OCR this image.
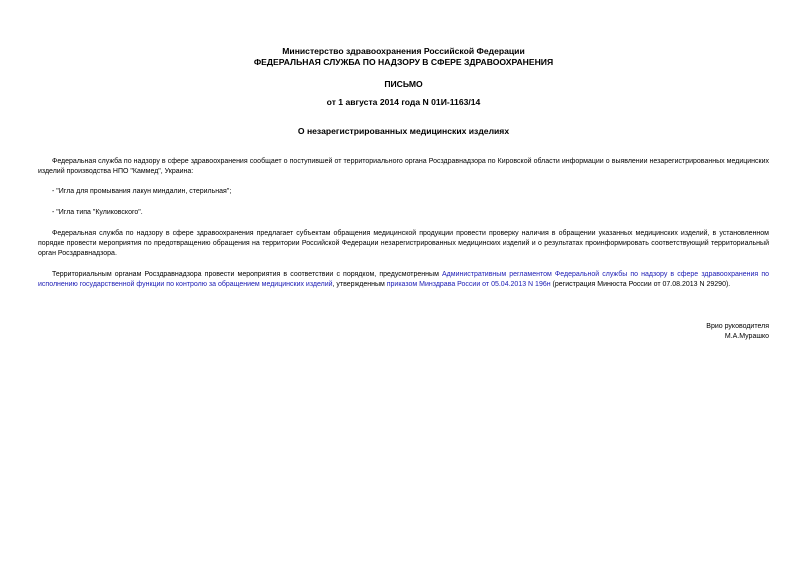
Министерство здравоохранения Российской Федерации
ФЕДЕРАЛЬНАЯ СЛУЖБА ПО НАДЗОРУ В СФЕРЕ ЗДРАВООХРАНЕНИЯ
ПИСЬМО
от 1 августа 2014 года N 01И-1163/14
О незарегистрированных медицинских изделиях
Федеральная служба по надзору в сфере здравоохранения сообщает о поступившей от территориального органа Росздравнадзора по Кировской области информации о выявлении незарегистрированных медицинских изделий производства НПО "Каммед", Украина:
- "Игла для промывания лакун миндалин, стерильная";
- "Игла типа "Куликовского".
Федеральная служба по надзору в сфере здравоохранения предлагает субъектам обращения медицинской продукции провести проверку наличия в обращении указанных медицинских изделий, в установленном порядке провести мероприятия по предотвращению обращения на территории Российской Федерации незарегистрированных медицинских изделий и о результатах проинформировать соответствующий территориальный орган Росздравнадзора.
Территориальным органам Росздравнадзора провести мероприятия в соответствии с порядком, предусмотренным Административным регламентом Федеральной службы по надзору в сфере здравоохранения по исполнению государственной функции по контролю за обращением медицинских изделий, утвержденным приказом Минздрава России от 05.04.2013 N 196н (регистрация Минюста России от 07.08.2013 N 29290).
Врио руководителя
М.А.Мурашко
